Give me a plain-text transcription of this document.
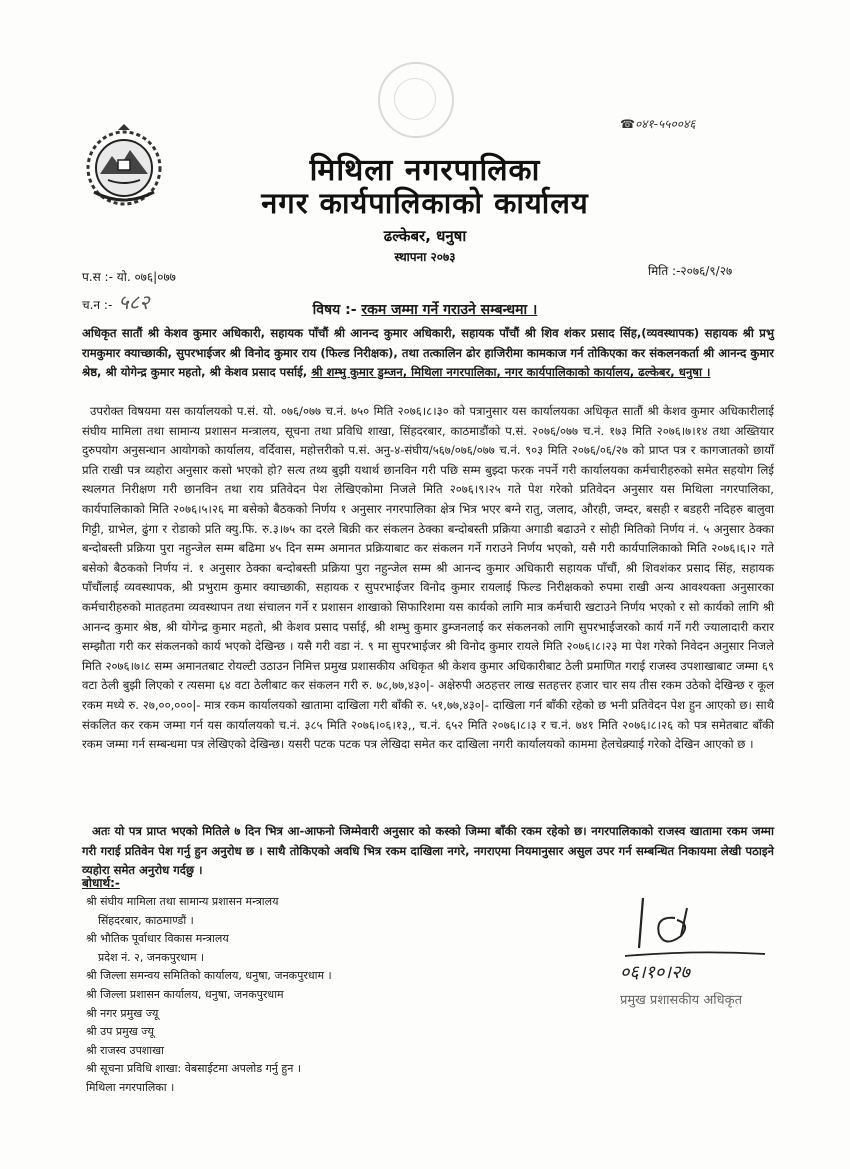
☎०४१-५५००४६
मिथिला नगरपालिका
नगर कार्यपालिकाको कार्यालय
ढल्केबर, धनुषा
स्थापना २०७३
प.स :- यो. ०७६|०७७
च.न :- ५८२
मिति :-२०७६/९/२७
विषय :- रकम जम्मा गर्ने गराउने सम्बन्धमा ।
अधिकृत सातौं श्री केशव कुमार अधिकारी, सहायक पाँचौं श्री आनन्द कुमार अधिकारी, सहायक पाँचौं श्री शिव शंकर प्रसाद सिंह,(व्यवस्थापक) सहायक श्री प्रभु रामकुमार क्याच्छाकी, सुपरभाईजर श्री विनोद कुमार राय (फिल्ड निरीक्षक), तथा तत्कालिन ढोर हाजिरीमा कामकाज गर्न तोकिएका कर संकलनकर्ता श्री आनन्द कुमार श्रेष्ठ, श्री योगेन्द्र कुमार महतो, श्री केशव प्रसाद पर्साई, श्री शम्भु कुमार डुम्जन, मिथिला नगरपालिका, नगर कार्यपालिकाको कार्यालय, ढल्केबर, धनुषा ।
उपरोक्त विषयमा यस कार्यालयको प.सं. यो. ०७६/०७७ च.नं. ७५० मिति २०७६।८।३० को पत्रानुसार यस कार्यालयका अधिकृत सातौं श्री केशव कुमार अधिकारीलाई संघीय मामिला तथा सामान्य प्रशासन मन्त्रालय, सूचना तथा प्रविधि शाखा, सिंहदरबार, काठमाडौंको प.सं. २०७६/०७७ च.नं. १७३ मिति २०७६।७।१४ तथा अख्तियार दुरुपयोग अनुसन्धान आयोगको कार्यालय, वर्दिवास, महोत्तरीको प.सं. अनु-४-संघीय/५६७/०७६/०७७ च.नं. ९०३ मिति २०७६/०६/२७ को प्राप्त पत्र र कागजातको छायाँ प्रति राखी पत्र व्यहोरा अनुसार कसो भएको हो? सत्य तथ्य बुझी यथार्थ छानविन गरी पछि सम्म बुझ्दा फरक नपर्ने गरी कार्यालयका कर्मचारीहरुको समेत सहयोग लिई स्थलगत निरीक्षण गरी छानविन तथा राय प्रतिवेदन पेश लेखिएकोमा निजले मिति २०७६।९।२५ गते पेश गरेको प्रतिवेदन अनुसार यस मिथिला नगरपालिका, कार्यपालिकाको मिति २०७६।५।२६ मा बसेको बैठकको निर्णय १ अनुसार नगरपालिका क्षेत्र भित्र भएर बग्ने रातु, जलाद, औरही, जम्दर, बसही र बडहरी नदिहरु बालुवा गिट्टी, ग्राभेल, ढुंगा र रोडाको प्रति क्यु.फि. रु.३।७५ का दरले बिक्री कर संकलन ठेक्का बन्दोबस्ती प्रक्रिया अगाडी बढाउने र सोही मितिको निर्णय नं. ५ अनुसार ठेक्का बन्दोबस्ती प्रक्रिया पुरा नहुन्जेल सम्म बढिमा ४५ दिन सम्म अमानत प्रक्रियाबाट कर संकलन गर्ने गराउने निर्णय भएको, यसै गरी कार्यपालिकाको मिति २०७६।६।२ गते बसेको बैठकको निर्णय नं. १ अनुसार ठेक्का बन्दोबस्ती प्रक्रिया पुरा नहुन्जेल सम्म श्री आनन्द कुमार अधिकारी सहायक पाँचौं, श्री शिवशंकर प्रसाद सिंह, सहायक पाँचौंलाई व्यवस्थापक, श्री प्रभुराम कुमार क्याच्छाकी, सहायक र सुपरभाईजर विनोद कुमार रायलाई फिल्ड निरीक्षकको रुपमा राखी अन्य आवश्यक्ता अनुसारका कर्मचारीहरुको मातहतमा व्यवस्थापन तथा संचालन गर्ने र प्रशासन शाखाको सिफारिशमा यस कार्यको लागि मात्र कर्मचारी खटाउने निर्णय भएको र सो कार्यको लागि श्री आनन्द कुमार श्रेष्ठ, श्री योगेन्द्र कुमार महतो, श्री केशव प्रसाद पर्साई, श्री शम्भु कुमार डुम्जनलाई कर संकलनको लागि सुपरभाईजरको कार्य गर्ने गरी ज्यालादारी करार सम्झौता गरी कर संकलनको कार्य भएको देखिन्छ । यसै गरी वडा नं. ९ मा सुपरभाईजर श्री विनोद कुमार रायले मिति २०७६।८।२३ मा पेश गरेको निवेदन अनुसार निजले मिति २०७६।७।८ सम्म अमानतबाट रोयल्टी उठाउन निमित्त प्रमुख प्रशासकीय अधिकृत श्री केशव कुमार अधिकारीबाट ठेली प्रमाणित गराई राजस्व उपशाखाबाट जम्मा ६९ वटा ठेली बुझी लिएको र त्यसमा ६४ वटा ठेलीबाट कर संकलन गरी रु. ७८,७७,४३०|- अक्षेरुपी अठहत्तर लाख सतहत्तर हजार चार सय तीस रकम उठेको देखिन्छ र कूल रकम मध्ये रु. २७,००,०००|- मात्र रकम कार्यालयको खातामा दाखिला गरी बाँकी रु. ५१,७७,४३०|- दाखिला गर्न बाँकी रहेको छ भनी प्रतिवेदन पेश हुन आएको छ। साथै संकलित कर रकम जम्मा गर्न यस कार्यालयको च.नं. ३८५ मिति २०७६।०६।१३,, च.नं. ६५२ मिति २०७६।८।३ र च.नं. ७४१ मिति २०७६।८।२६ को पत्र समेतबाट बाँकी रकम जम्मा गर्न सम्बन्धमा पत्र लेखिएको देखिन्छ। यसरी पटक पटक पत्र लेखिदा समेत कर दाखिला नगरी कार्यालयको काममा हेलचेक्र्याई गरेको देखिन आएको छ ।
अतः यो पत्र प्राप्त भएको मितिले ७ दिन भित्र आ-आफनो जिम्मेवारी अनुसार को कस्को जिम्मा बाँकी रकम रहेको छ। नगरपालिकाको राजस्व खातामा रकम जम्मा गरी गराई प्रतिवेन पेश गर्नु हुन अनुरोध छ । साथै तोकिएको अवधि भित्र रकम दाखिला नगरे, नगराएमा नियमानुसार असुल उपर गर्न सम्बन्धित निकायमा लेखी पठाइने व्यहोरा समेत अनुरोध गर्दछु ।
बोधार्थ:-
श्री संघीय मामिला तथा सामान्य प्रशासन मन्त्रालय
सिंहदरबार, काठमाण्डौं ।
श्री भौतिक पूर्वाधार विकास मन्त्रालय
प्रदेश नं. २, जनकपुरधाम ।
श्री जिल्ला समन्वय समितिको कार्यालय, धनुषा, जनकपुरधाम ।
श्री जिल्ला प्रशासन कार्यालय, धनुषा, जनकपुरधाम
श्री नगर प्रमुख ज्यू
श्री उप प्रमुख ज्यू
श्री राजस्व उपशाखा
श्री सूचना प्रविधि शाखा: वेबसाईटमा अपलोड गर्नु हुन ।
मिथिला नगरपालिका ।
०६।१०।२७
प्रमुख प्रशासकीय अधिकृत
